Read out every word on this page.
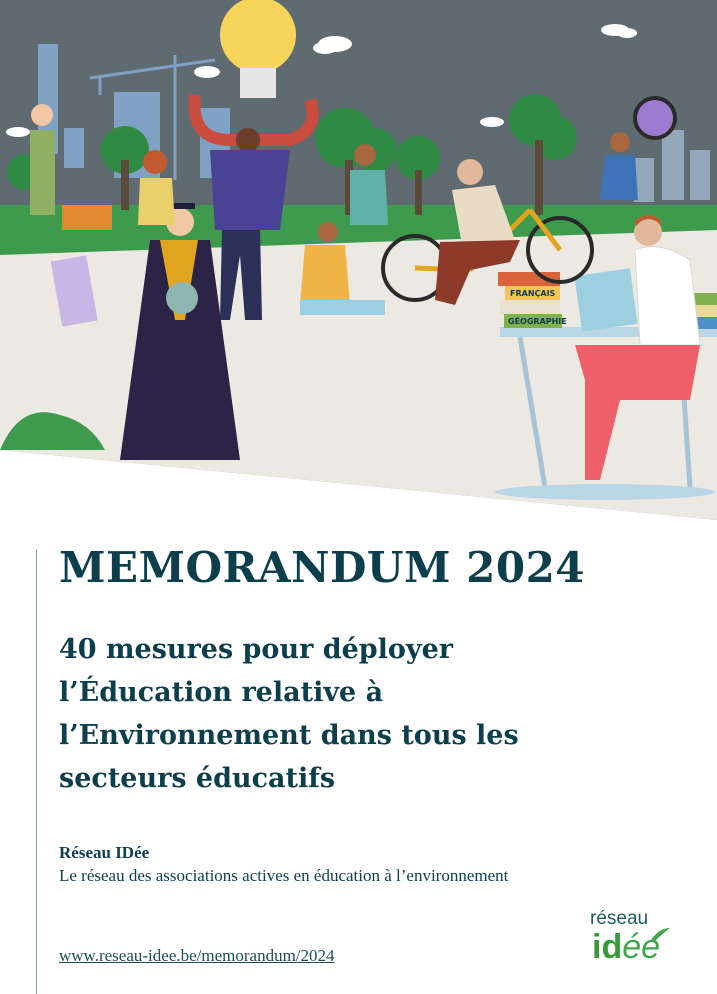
FRANÇAIS
GÉOGRAPHIE
MEMORANDUM 2024
40 mesures pour déployer
l’Éducation relative à
l’Environnement dans tous les
secteurs éducatifs
Réseau IDée
Le réseau des associations actives en éducation à l’environnement
www.reseau-idee.be/memorandum/2024
réseau
idée
